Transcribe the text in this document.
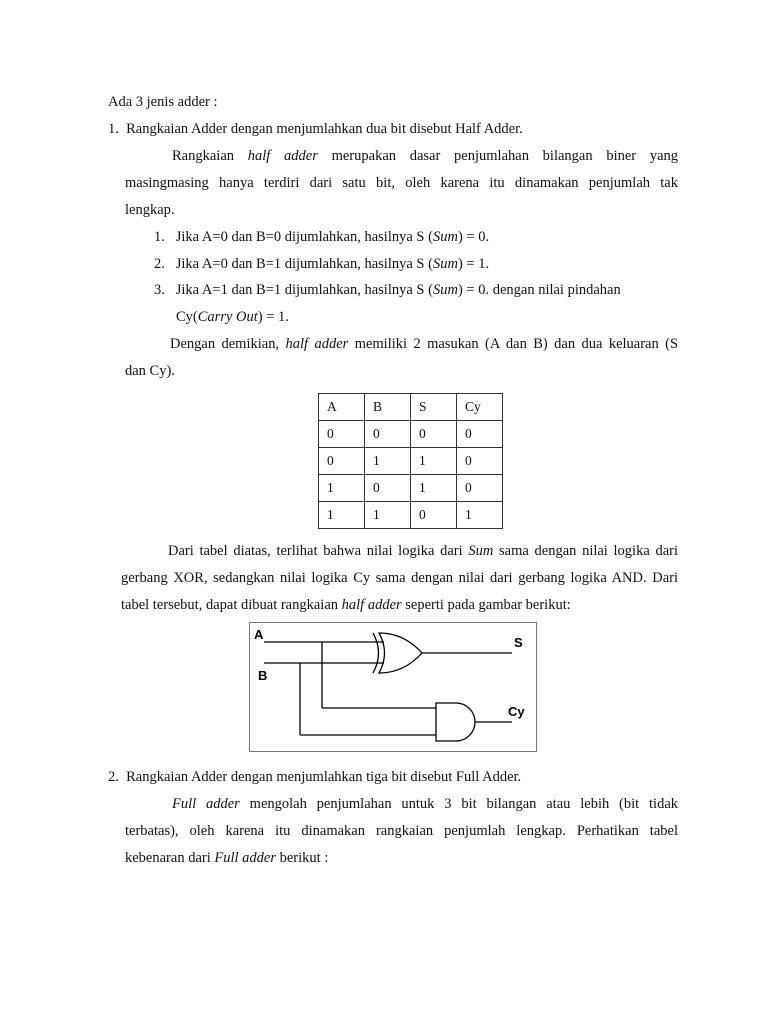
Ada 3 jenis adder :
1. Rangkaian Adder dengan menjumlahkan dua bit disebut Half Adder.
Rangkaian half adder merupakan dasar penjumlahan bilangan biner yang
masingmasing hanya terdiri dari satu bit, oleh karena itu dinamakan penjumlah tak
lengkap.
1. Jika A=0 dan B=0 dijumlahkan, hasilnya S (Sum) = 0.
2. Jika A=0 dan B=1 dijumlahkan, hasilnya S (Sum) = 1.
3. Jika A=1 dan B=1 dijumlahkan, hasilnya S (Sum) = 0. dengan nilai pindahan
Cy(Carry Out) = 1.
Dengan demikian, half adder memiliki 2 masukan (A dan B) dan dua keluaran (S
dan Cy).
A	B	S	Cy
0	0	0	0
0	1	1	0
1	0	1	0
1	1	0	1
Dari tabel diatas, terlihat bahwa nilai logika dari Sum sama dengan nilai logika dari
gerbang XOR, sedangkan nilai logika Cy sama dengan nilai dari gerbang logika AND. Dari
tabel tersebut, dapat dibuat rangkaian half adder seperti pada gambar berikut:
A
B
S
Cy
2. Rangkaian Adder dengan menjumlahkan tiga bit disebut Full Adder.
Full adder mengolah penjumlahan untuk 3 bit bilangan atau lebih (bit tidak
terbatas), oleh karena itu dinamakan rangkaian penjumlah lengkap. Perhatikan tabel
kebenaran dari Full adder berikut :
